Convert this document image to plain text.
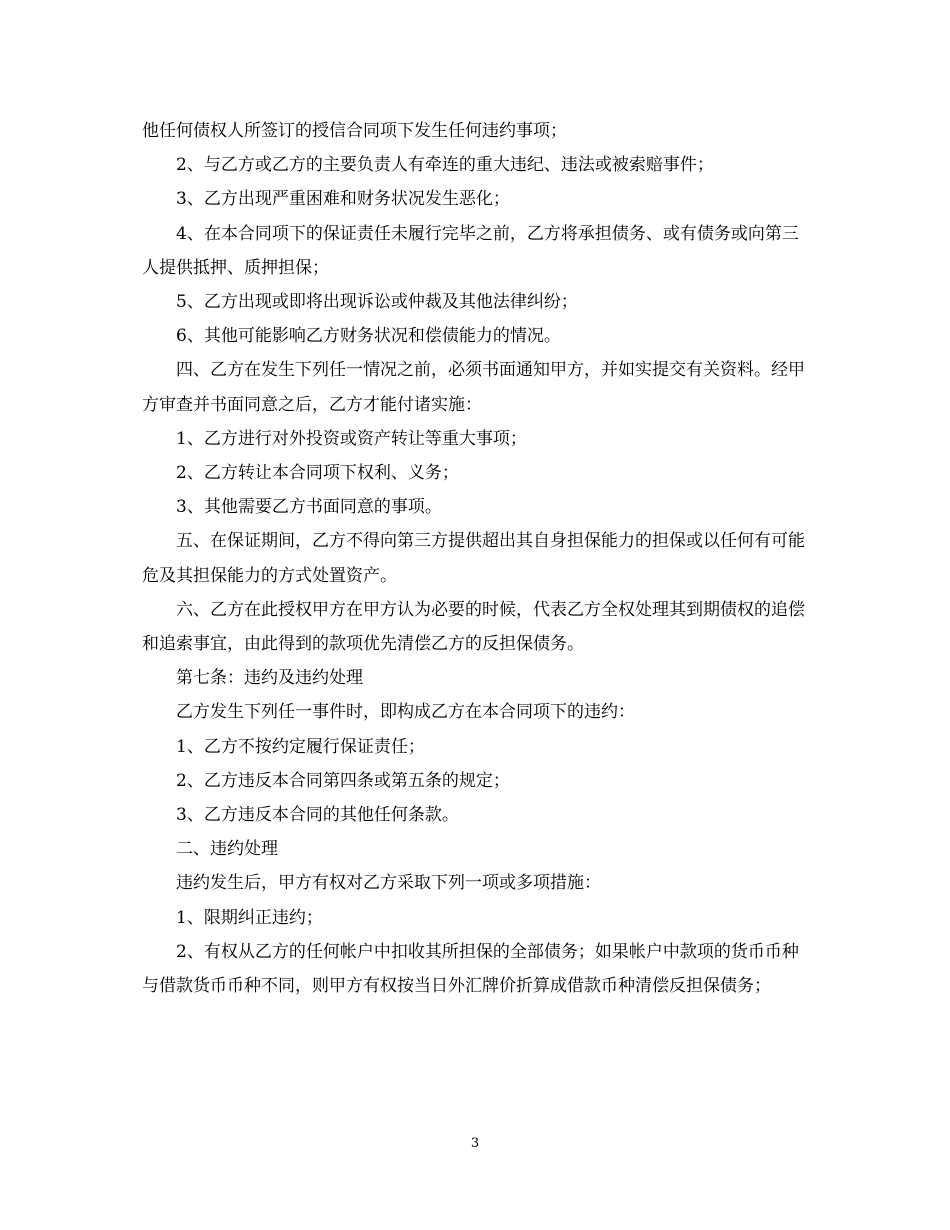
他任何债权人所签订的授信合同项下发生任何违约事项；

2、与乙方或乙方的主要负责人有牵连的重大违纪、违法或被索赔事件；

3、乙方出现严重困难和财务状况发生恶化；

4、在本合同项下的保证责任未履行完毕之前，乙方将承担债务、或有债务或向第三人提供抵押、质押担保；

5、乙方出现或即将出现诉讼或仲裁及其他法律纠纷；

6、其他可能影响乙方财务状况和偿债能力的情况。

四、乙方在发生下列任一情况之前，必须书面通知甲方，并如实提交有关资料。经甲方审查并书面同意之后，乙方才能付诸实施：

1、乙方进行对外投资或资产转让等重大事项；

2、乙方转让本合同项下权利、义务；

3、其他需要乙方书面同意的事项。

五、在保证期间，乙方不得向第三方提供超出其自身担保能力的担保或以任何有可能危及其担保能力的方式处置资产。

六、乙方在此授权甲方在甲方认为必要的时候，代表乙方全权处理其到期债权的追偿和追索事宜，由此得到的款项优先清偿乙方的反担保债务。

第七条：违约及违约处理

乙方发生下列任一事件时，即构成乙方在本合同项下的违约：

1、乙方不按约定履行保证责任；

2、乙方违反本合同第四条或第五条的规定；

3、乙方违反本合同的其他任何条款。

二、违约处理

违约发生后，甲方有权对乙方采取下列一项或多项措施：

1、限期纠正违约；

2、有权从乙方的任何帐户中扣收其所担保的全部债务；如果帐户中款项的货币币种与借款货币币种不同，则甲方有权按当日外汇牌价折算成借款币种清偿反担保债务；

3
